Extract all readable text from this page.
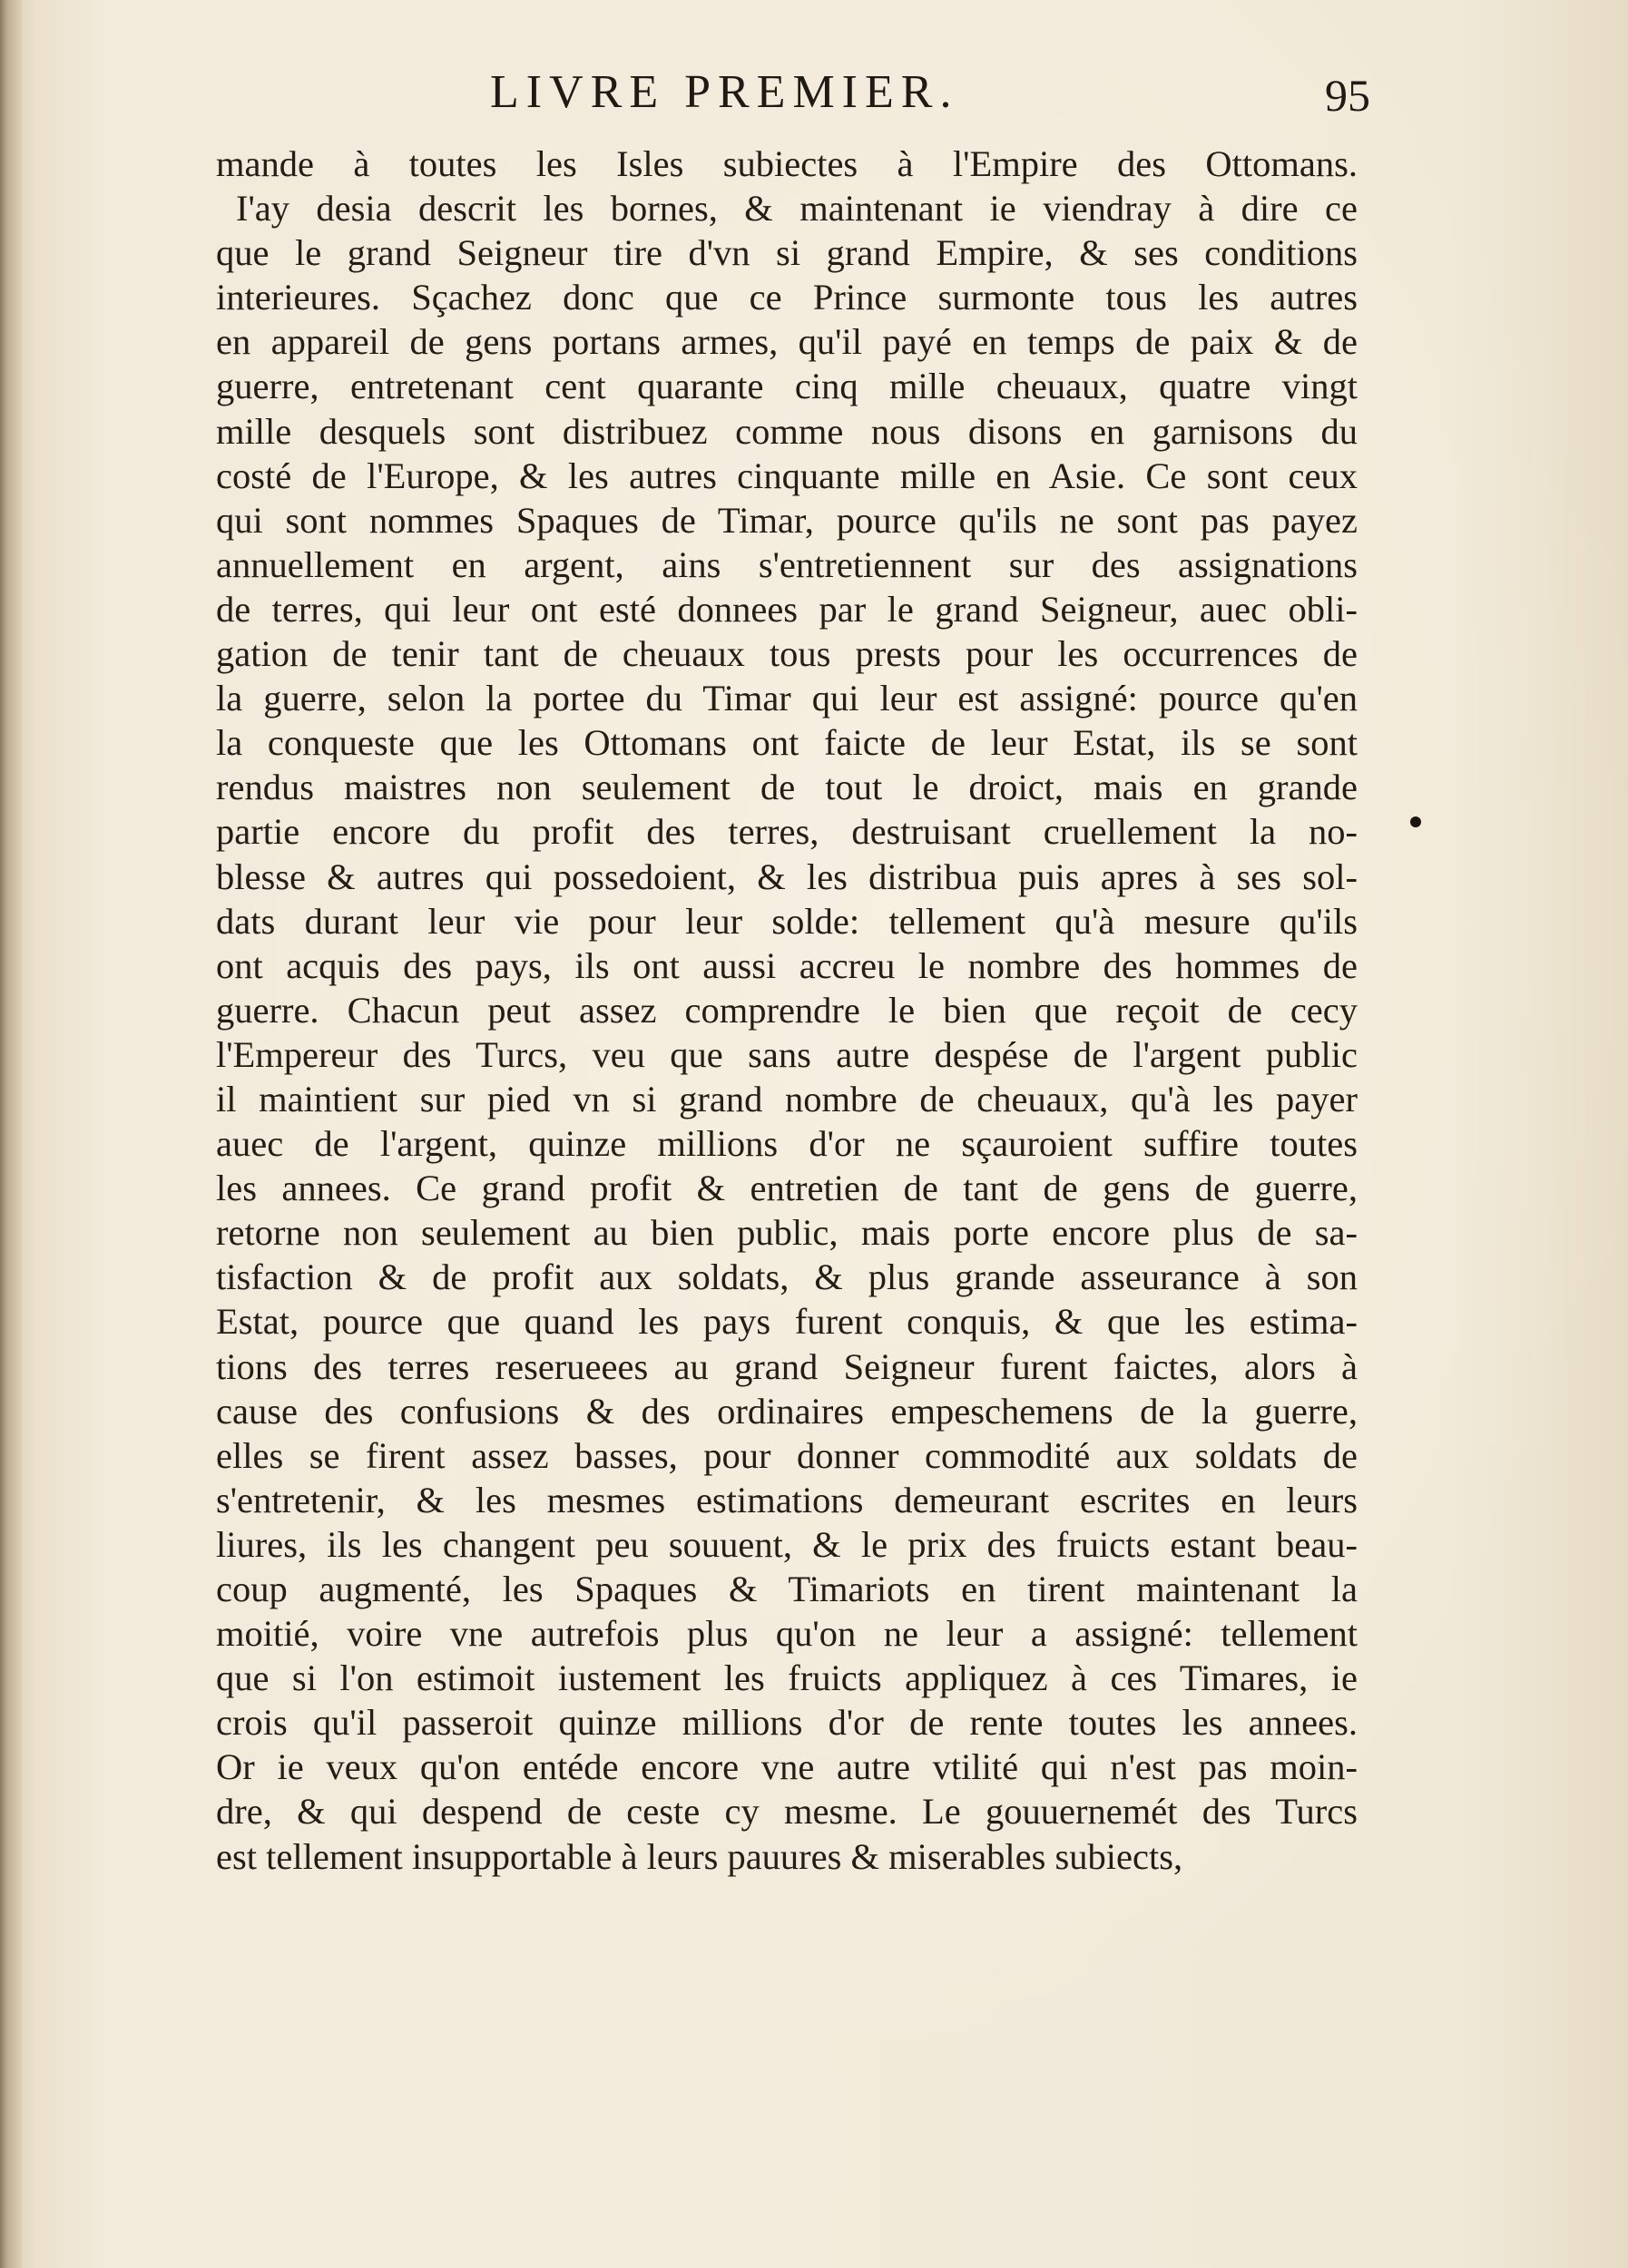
LIVRE PREMIER.	95
mande à toutes les Isles subiectes à l'Empire des Ottomans.
I'ay desia descrit les bornes, & maintenant ie viendray à dire ce
que le grand Seigneur tire d'vn si grand Empire, & ses conditions
interieures. Sçachez donc que ce Prince surmonte tous les autres
en appareil de gens portans armes, qu'il payé en temps de paix & de
guerre, entretenant cent quarante cinq mille cheuaux, quatre vingt
mille desquels sont distribuez comme nous disons en garnisons du
costé de l'Europe, & les autres cinquante mille en Asie. Ce sont ceux
qui sont nommes Spaques de Timar, pource qu'ils ne sont pas payez
annuellement en argent, ains s'entretiennent sur des assignations
de terres, qui leur ont esté donnees par le grand Seigneur, auec obli-
gation de tenir tant de cheuaux tous prests pour les occurrences de
la guerre, selon la portee du Timar qui leur est assigné: pource qu'en
la conqueste que les Ottomans ont faicte de leur Estat, ils se sont
rendus maistres non seulement de tout le droict, mais en grande
partie encore du profit des terres, destruisant cruellement la no-
blesse & autres qui possedoient, & les distribua puis apres à ses sol-
dats durant leur vie pour leur solde: tellement qu'à mesure qu'ils
ont acquis des pays, ils ont aussi accreu le nombre des hommes de
guerre. Chacun peut assez comprendre le bien que reçoit de cecy
l'Empereur des Turcs, veu que sans autre despése de l'argent public
il maintient sur pied vn si grand nombre de cheuaux, qu'à les payer
auec de l'argent, quinze millions d'or ne sçauroient suffire toutes
les annees. Ce grand profit & entretien de tant de gens de guerre,
retorne non seulement au bien public, mais porte encore plus de sa-
tisfaction & de profit aux soldats, & plus grande asseurance à son
Estat, pource que quand les pays furent conquis, & que les estima-
tions des terres reserueees au grand Seigneur furent faictes, alors à
cause des confusions & des ordinaires empeschemens de la guerre,
elles se firent assez basses, pour donner commodité aux soldats de
s'entretenir, & les mesmes estimations demeurant escrites en leurs
liures, ils les changent peu souuent, & le prix des fruicts estant beau-
coup augmenté, les Spaques & Timariots en tirent maintenant la
moitié, voire vne autrefois plus qu'on ne leur a assigné: tellement
que si l'on estimoit iustement les fruicts appliquez à ces Timares, ie
crois qu'il passeroit quinze millions d'or de rente toutes les annees.
Or ie veux qu'on entéde encore vne autre vtilité qui n'est pas moin-
dre, & qui despend de ceste cy mesme. Le gouuernemét des Turcs
est tellement insupportable à leurs pauures & miserables subiects,
